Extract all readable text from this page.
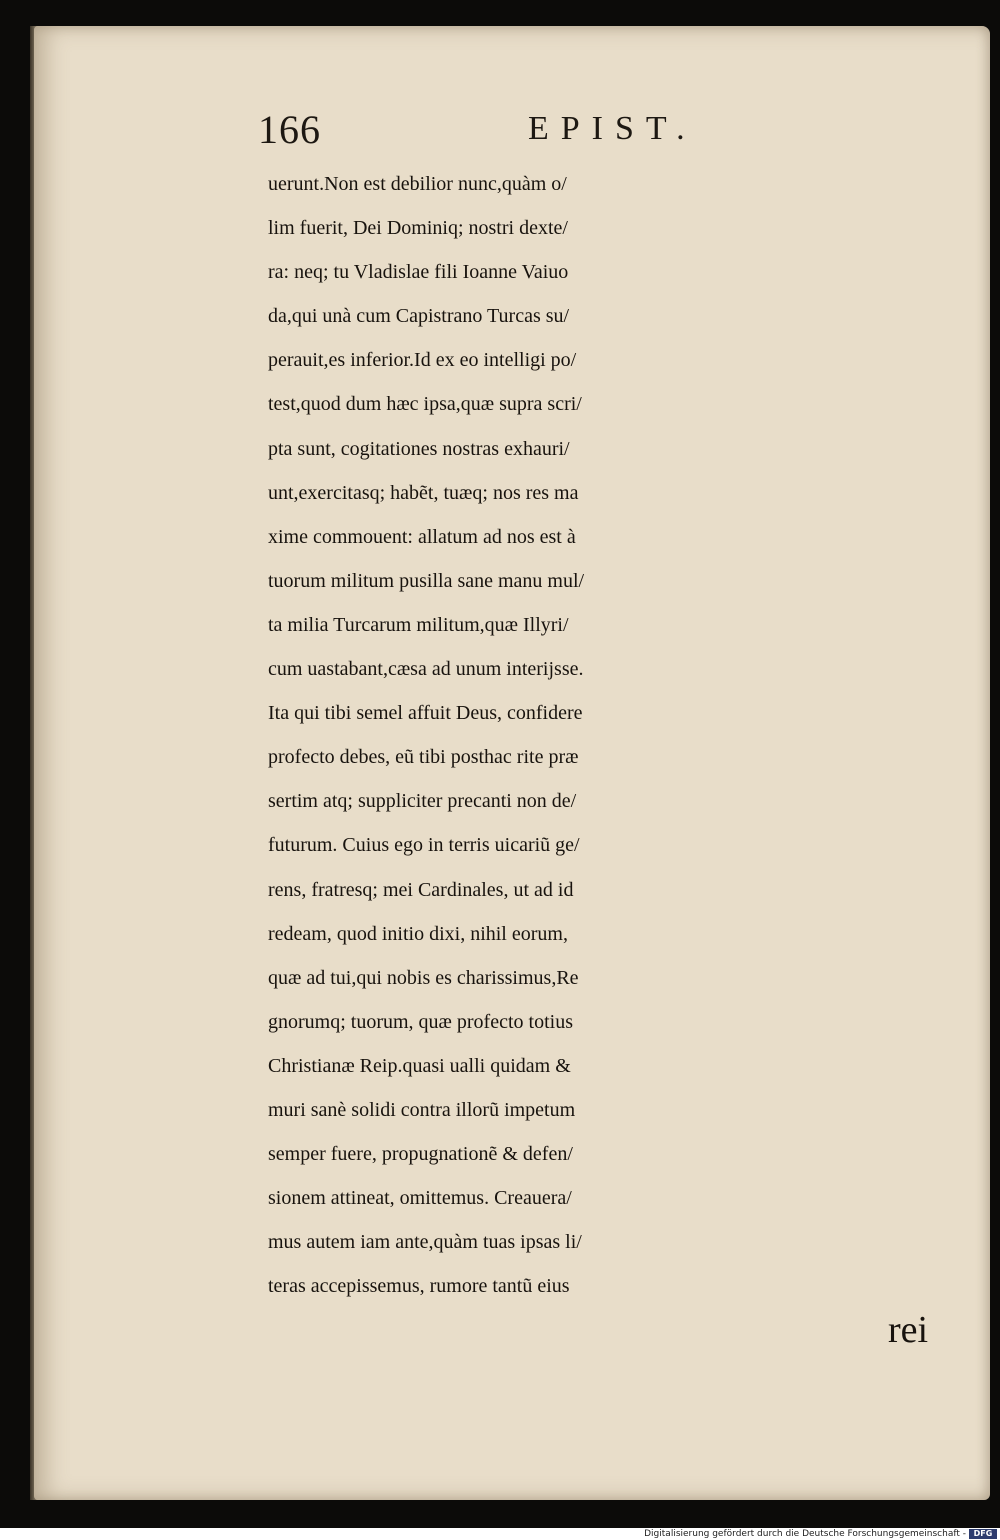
166	EPIST.
uerunt.Non est debilior nunc,quàm o/
lim fuerit, Dei Dominiq; nostri dexte/
ra: neq; tu Vladislae fili Ioanne Vaiuo
da,qui unà cum Capistrano Turcas su/
perauit,es inferior.Id ex eo intelligi po/
test,quod dum hæc ipsa,quæ supra scri/
pta sunt, cogitationes nostras exhauri/
unt,exercitasq; habẽt, tuæq; nos res ma
xime commouent: allatum ad nos est à
tuorum militum pusilla sane manu mul/
ta milia Turcarum militum,quæ Illyri/
cum uastabant,cæsa ad unum interijsse.
Ita qui tibi semel affuit Deus, confidere
profecto debes, eũ tibi posthac rite præ
sertim atq; suppliciter precanti non de/
futurum. Cuius ego in terris uicariũ ge/
rens, fratresq; mei Cardinales, ut ad id
redeam, quod initio dixi, nihil eorum,
quæ ad tui,qui nobis es charissimus,Re
gnorumq; tuorum, quæ profecto totius
Christianæ Reip.quasi ualli quidam &
muri sanè solidi contra illorũ impetum
semper fuere, propugnationẽ & defen/
sionem attineat, omittemus. Creauera/
mus autem iam ante,quàm tuas ipsas li/
teras accepissemus, rumore tantũ eius
rei
Digitalisierung gefördert durch die Deutsche Forschungsgemeinschaft - DFG
